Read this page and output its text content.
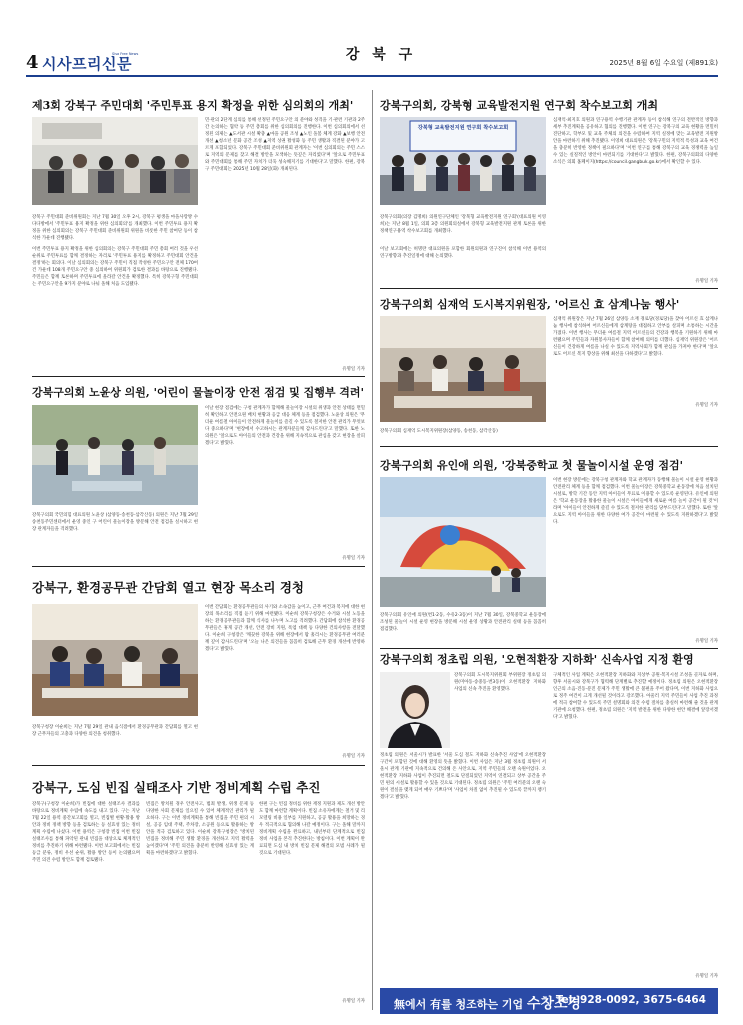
4 시사프리신문
Sisa Free News	강 북 구	2025년 8월 6일 수요일 (제891호)
제3회 강북구 주민대회 '주민투표 용지 확정을 위한 심의회의 개최'
강북구 주민대회 준비위원회는 지난 7월 30일 오후 2시, 강북구 평생을 마을사랑방 수다다방에서 '주민투표 용지 확정을 위한 심의회의'를 개최했다. 이번 주민투표 용지 확정을 위한 심의회의는 강북구 주민대회 준비위원회 위원을 비롯한 주민 참여단 등이 참석한 가운데 진행됐다.
이번 주민투표 용지 확정을 위한 심의회의는 강북구 주민대회 주민 총회 여러 것을 우선 순위로 주민투표를 함께 결정하는 자리로 '주민투표 용지를 확정하고 주민대회 안건을 결정'하는 회의다. 이날 심의회의는 강북구 주민이 직접 작성한 주민요구안 전체 170여 건 가운데 108개 주민요구안 중 심의하여 위원회가 검토한 결과를 바탕으로 진행됐다. 주민들은 함께 토론하며 주민투표에 올라갈 안건을 확정했다. 특히 강북구형 주민대회는 주민요구안을 9가지 분야로 나눠 올해 처음 도입됐다.
민·관의 2단계 심의를 통해 선정된 주민요구안 의 분야와 성격을 기·관련 기관과 2주간 논의하는 협약 등 주민 총회를 위한 심의회의를 진행한다. 이번 심의회의에서 선정된 의제는 ▲도서관 시설 확충 ▲마을 공원 조성 ▲노인 돌봄 체계 강화 ▲보행 안전 개선 ▲청소년 문화 공간 조성 ▲지역 상권 활성화 등 주민 생활과 직결된 분야가 고르게 포함되었다. 강북구 주민대회 준비위원회 관계자는 '이번 심의회의는 주민 스스로 지역의 문제를 찾고 해결 방안을 모색하는 뜻깊은 자리였다'며 '앞으로 주민투표와 주민대회를 통해 주민 자치가 더욱 성숙해지기를 기대한다'고 말했다. 한편, 강북구 주민대회는 2025년 10월 28일(화) 개최된다.
유명일 기자
강북구의회 노윤상 의원, '어린이 물놀이장 안전 점검 및 집행부 격려'
강북구의회 국민의힘 대표의원 노윤상 (삼양동·송천동·삼각산동) 의원은 지난 7월 29일 송천동주민센터에서 운영 중인 구 어린이 물놀이장을 방문해 안전 점검을 실시하고 현장 관계자들을 격려했다.
이날 현장 점검에는 구청 관계자가 함께해 물놀이장 시설의 위생과 안전 상태를 면밀히 확인하고 안전요원 배치 현황과 응급 대응 체계 등을 점검했다. 노윤상 의원은 '무더운 여름철 아이들이 안전하게 물놀이를 즐길 수 있도록 철저한 안전 관리가 무엇보다 중요하다'며 '현장에서 수고하시는 관계자분들께 감사드린다'고 말했다. 또한 노 의원은 '앞으로도 아이들의 안전과 건강을 위해 지속적으로 관심을 갖고 현장을 살피겠다'고 밝혔다.
유명일 기자
강북구, 환경공무관 간담회 열고 현장 목소리 경청
강북구청장 이순희는 지난 7월 29일 관내 음식점에서 환경공무관과 간담회를 열고 현장 근무자들의 고충과 다양한 의견을 청취했다.
이번 간담회는 환경공무관들의 사기와 소속감을 높이고, 근무 여건과 복지에 대한 현장의 목소리를 직접 듣기 위해 마련됐다. 이순희 강북구청장은 수거와 시설 노동을 하는 환경공무관들과 함께 식사를 나누며 노고를 격려했다. 간담회에 참석한 환경공무관들은 휴게 공간 개선, 안전 장비 지원, 폭염 대책 등 다양한 건의사항을 전달했다. 이순희 구청장은 '깨끗한 강북을 위해 현장에서 땀 흘리시는 환경공무관 여러분께 깊이 감사드린다'며 '오늘 나온 의견들을 꼼꼼히 검토해 근무 환경 개선에 반영하겠다'고 밝혔다.
유명일 기자
강북구, 도심 빈집 실태조사 기반 정비계획 수립 추진
강북구(구청장 이순희)가 빈집에 대한 실태조사 결과를 바탕으로 정비계획 수립에 속도를 내고 있다. 구는 지난 7월 22일 용역 중간보고회를 열고, 빈집별 현황·활용 방안과 정비 정책 방향 등을 검토하는 등 실효성 있는 정비계획 수립에 나섰다. 이번 용역은 구청장 빈집 이번 빈집 실태조사를 통해 파악된 관내 빈집을 대상으로 체계적인 정비를 추진하기 위해 마련됐다. 이번 보고회에서는 빈집 등급 분류, 정비 우선 순위, 활용 방안 등이 논의됐으며 주민 의견 수렴 방안도 함께 검토됐다.
빈집은 방치될 경우 안전사고, 범죄 발생, 위생 문제 등 다양한 사회 문제를 일으킬 수 있어 체계적인 관리가 필요하다. 구는 이번 정비계획을 통해 빈집을 주민 편의 시설, 공공 임대 주택, 주차장, 소공원 등으로 활용하는 방안을 적극 검토하고 있다. 이순희 강북구청장은 '방치된 빈집을 정비해 주민 생활 환경을 개선하고 지역 활력을 높이겠다'며 '주민 의견을 충분히 반영해 실효성 있는 계획을 마련하겠다'고 밝혔다.
한편 구는 빈집 정비를 위한 재정 지원과 제도 개선 방안도 함께 마련할 계획이다. 빈집 소유자에게는 철거 및 리모델링 비용 일부를 지원하고, 공공 활용을 희망하는 경우 적극적으로 협의해 나갈 예정이다. 구는 올해 말까지 정비계획 수립을 완료하고, 내년부터 단계적으로 빈집 정비 사업을 본격 추진한다는 방침이다. 이번 계획이 완료되면 도심 내 방치 빈집 문제 해결의 모범 사례가 될 것으로 기대된다.
유명일 기자
강북구의회, 강북형 교육발전지원 연구회 착수보고회 개최
강북형 교육발전지원 연구회 착수보고회
강북구의회(의장 김명희) 의원연구단체인 '강북형 교육발전지원 연구회'(대표의원 이영희)는 지난 8월 1일, 의회 3층 의원회의실에서 강북형 교육발전지원 관계 토론을 위한 정책연구용역 착수보고회를 개최했다.
이날 보고회에는 허명란 대표의원을 포함한 회원의원과 연구진이 참석해 이번 용역의 연구방향과 추진일정에 대해 논의했다.
심재억·최지호 의원과 연구용역 수행기관 관계자 등이 참석해 연구의 전반적인 방향과 세부 추진계획을 공유하고 협의를 진행했다. 이번 연구는 강북구의 교육 현황을 면밀히 진단하고, 학부모 및 교육 주체의 의견을 수렴하여 지역 실정에 맞는 교육발전 지원방안을 마련하기 위해 추진됐다. 이영희 대표의원은 '강북구민의 지역적 특성과 교육 여건을 충분히 반영한 정책이 필요하다'며 '이번 연구를 통해 강북구의 교육 경쟁력을 높일 수 있는 실질적인 방안이 마련되기를 기대한다'고 밝혔다. 한편, 강북구의회의 다양한 소식은 의회 홈페이지(https://council.gangbuk.go.kr)에서 확인할 수 있다.
유명일 기자
강북구의회 심재억 도시복지위원장, '어르신 효 삼계나눔 행사'
강북구의회 심재억 도시복지위원장(삼양동, 송천동, 삼각산동)
심재억 위원장은 지난 7월 26일 삼양동 소재 경로당(경로당)을 찾아 어르신 효 삼계나눔 행사에 참석하여 어르신들에게 삼계탕을 대접하고 안부를 살피며 소통하는 시간을 가졌다. 이번 행사는 무더운 여름철 지역 어르신들의 건강과 행복을 기원하기 위해 마련됐으며 주민들과 자원봉사자들이 함께 참여해 의미를 더했다. 심재억 위원장은 '어르신들이 건강하게 여름을 나실 수 있도록 지역사회가 함께 관심을 가져야 한다'며 '앞으로도 어르신 복지 향상을 위해 최선을 다하겠다'고 밝혔다.
유명일 기자
강북구의회 유인애 의원, '강북중학교 첫 물놀이시설 운영 점검'
강북구의회 유인애 의원(번1·2동, 수유2·3동)이 지난 7월 30일, 강북중학교 운동장에 조성된 물놀이 시설 운영 현장을 방문해 시설 운영 상황과 안전관리 실태 등을 꼼꼼히 점검했다.
이번 현장 방문에는 강북구청 관계자와 학교 관계자가 동행해 물놀이 시설 운영 현황과 안전관리 체계 등을 함께 점검했다. 이번 물놀이장은 강북중학교 운동장에 처음 설치된 시설로, 방학 기간 동안 지역 아이들이 무료로 이용할 수 있도록 운영된다. 유인애 의원은 '학교 운동장을 활용한 물놀이 시설은 아이들에게 새로운 여름 놀이 공간이 될 것'이라며 '아이들이 안전하게 즐길 수 있도록 철저한 관리를 당부드린다'고 말했다. 또한 '앞으로도 지역 아이들을 위한 다양한 여가 공간이 마련될 수 있도록 지원하겠다'고 밝혔다.
유명일 기자
강북구의회 정초립 의원, '오현적환장 지하화' 신속사업 지정 환영
강북구의회 도시복지위원회 부위원장 정초립 의원(미아동·송중동·번3동)이 오현적환장 지하화 사업의 신속 추진을 환영했다.
정초립 의원은 서울시가 발표한 '서울 도심 철도 지하화 신속추진 사업'에 오현적환장 구간이 포함된 것에 대해 환영의 뜻을 밝혔다. 이번 사업은 지난 3월 정초립 의원이 서울시 관계 기관에 지속적으로 건의해 온 사안으로, 지역 주민들의 오랜 숙원이었다. 오현적환장 지하화 사업이 추진되면 철도로 단절되었던 지역이 연결되고 상부 공간을 주민 편의 시설로 활용할 수 있을 것으로 기대된다. 정초립 의원은 '주민 여러분의 오랜 숙원이 결실을 맺게 되어 매우 기쁘다'며 '사업이 차질 없이 추진될 수 있도록 끝까지 챙기겠다'고 밝혔다.
구체적인 사업 계획은 오현적환장 지하화와 지상부 공원·복지시설 조성을 골자로 하며, 향후 서울시와 강북구가 협력해 단계별로 추진할 예정이다. 정초립 의원은 오현적환장 인근의 소음·진동·분진 문제가 주민 생활에 큰 불편을 주어 왔다며, 이번 지하화 사업으로 정주 여건이 크게 개선될 것이라고 강조했다. 아울러 지역 주민들이 사업 추진 과정에 적극 참여할 수 있도록 주민 설명회와 의견 수렴 절차를 충실히 마련해 줄 것을 관계 기관에 요청했다. 한편, 정초립 의원은 '지역 발전을 위한 다양한 현안 해결에 앞장서겠다'고 밝혔다.
유명일 기자
無에서 有를 청조하는 기업 수창조경
Tel. 928-0092, 3675-6464
